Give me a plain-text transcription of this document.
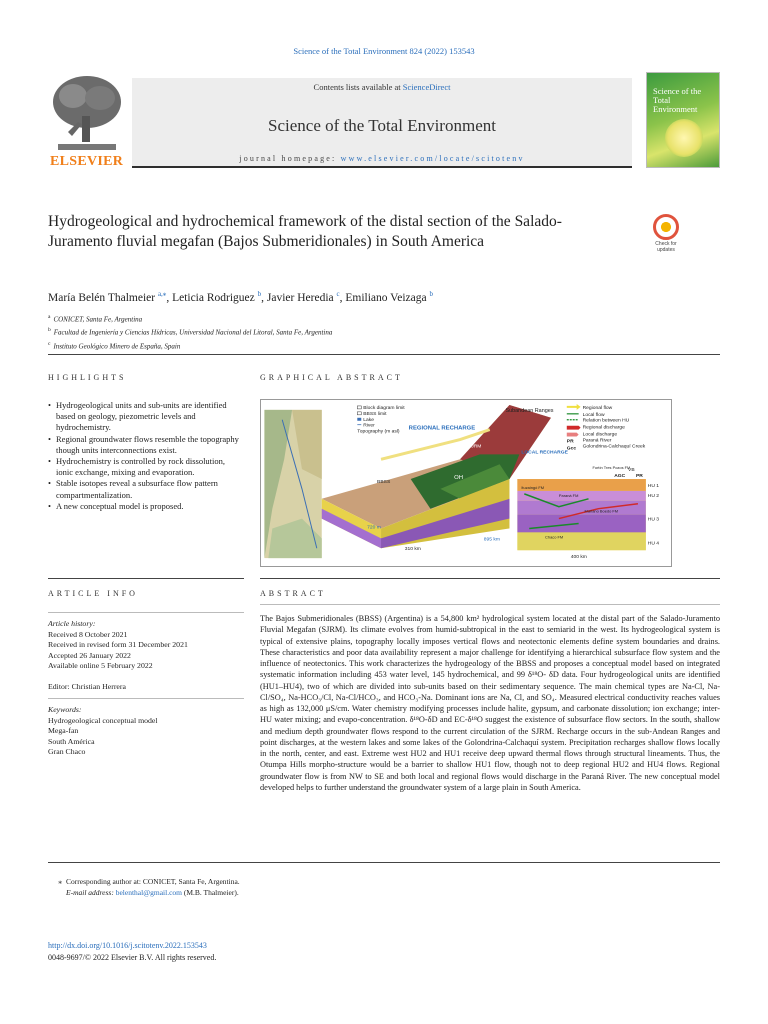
Science of the Total Environment 824 (2022) 153543
ELSEVIER
Contents lists available at ScienceDirect
Science of the Total Environment
journal homepage: www.elsevier.com/locate/scitotenv
Science of the Total Environment
Hydrogeological and hydrochemical framework of the distal section of the Salado-Juramento fluvial megafan (Bajos Submeridionales) in South America	Check for updates
María Belén Thalmeier $^{a,⁎}$, Leticia Rodriguez $^b$, Javier Heredia $^c$, Emiliano Veizaga $^b$
$^a$ CONICET, Santa Fe, Argentina
$^b$ Facultad de Ingeniería y Ciencias Hídricas, Universidad Nacional del Litoral, Santa Fe, Argentina
$^c$ Instituto Geológico Minero de España, Spain
HIGHLIGHTS
• Hydrogeological units and sub-units are identified based on geology, piezometric levels and hydrochemistry.
• Regional groundwater flows resemble the topography though units interconnections exist.
• Hydrochemistry is controlled by rock dissolution, ionic exchange, mixing and evaporation.
• Stable isotopes reveal a subsurface flow pattern compartmentalization.
• A new conceptual model is proposed.
GRAPHICAL ABSTRACT
Block diagram limit
BBSS limit
Lake
River
Topography (m asl)
Regional flow
Local flow
Relation between HU
Regional discharge
Local discharge
PR Paraná River
Gcc Golondrina-Calchaquí Creek
Subandean Ranges
REGIONAL RECHARGE
LOCAL RECHARGE
SJRM
OH
BBSS
310 km
400 km
895 km
720 m
VB
AGC PR
Fortín Tres Pozos FM
Ituzaingó FM
Paraná FM
Chaco FM
Mariano Boedo FM
HU 1
HU 2
HU 3
HU 4
ARTICLE INFO
Article history:
Received 8 October 2021
Received in revised form 31 December 2021
Accepted 26 January 2022
Available online 5 February 2022
Editor: Christian Herrera
Keywords:
Hydrogeological conceptual model
Mega-fan
South América
Gran Chaco
ABSTRACT
The Bajos Submeridionales (BBSS) (Argentina) is a 54,800 km² hydrological system located at the distal part of the Salado-Juramento Fluvial Megafan (SJRM). Its climate evolves from humid-subtropical in the east to semiarid in the west. Its hydrogeological system is typical of extensive plains, topography locally imposes vertical flows and neotectonic elements define system boundaries and drains. These characteristics and poor data availability represent a major challenge for identifying a hierarchical subsurface flow system and the influence of neotectonics. This work characterizes the hydrogeology of the BBSS and proposes a conceptual model based on integrated systematic information including 453 water level, 145 hydrochemical, and 99 δ¹⁸O- δD data. Four hydrogeological units are identified (HU1–HU4), two of which are divided into sub-units based on their sedimentary sequence. The main chemical types are Na-Cl, Na-Cl/SO₄, Na-HCO₃/Cl, Na-Cl/HCO₃, and HCO₃-Na. Dominant ions are Na, Cl, and SO₄. Measured electrical conductivity reaches values as high as 132,000 μS/cm. Water chemistry modifying processes include halite, gypsum, and carbonate dissolution; ion exchange; inter-HU water mixing; and evapo-concentration. δ¹⁸O-δD and EC-δ¹⁸O suggest the existence of subsurface flow sectors. In the south, shallow and medium depth groundwater flows respond to the current circulation of the SJRM. Recharge occurs in the sub-Andean Ranges and point discharges, at the western lakes and some lakes of the Golondrina-Calchaquí system. Precipitation recharges shallow flows locally in the north, center, and east. Extreme west HU2 and HU1 receive deep upward thermal flows through structural lineaments. Thus, the Otumpa Hills morpho-structure would be a barrier to shallow HU1 flow, though not to deep regional HU2 and HU4 flows. Regional groundwater flow is from NW to SE and both local and regional flows would discharge in the Paraná River. The new conceptual model developed helps to further understand the groundwater system of a large plain in South America.
⁎ Corresponding author at: CONICET, Santa Fe, Argentina.
E-mail address: belenthal@gmail.com (M.B. Thalmeier).
http://dx.doi.org/10.1016/j.scitotenv.2022.153543
0048-9697/© 2022 Elsevier B.V. All rights reserved.
